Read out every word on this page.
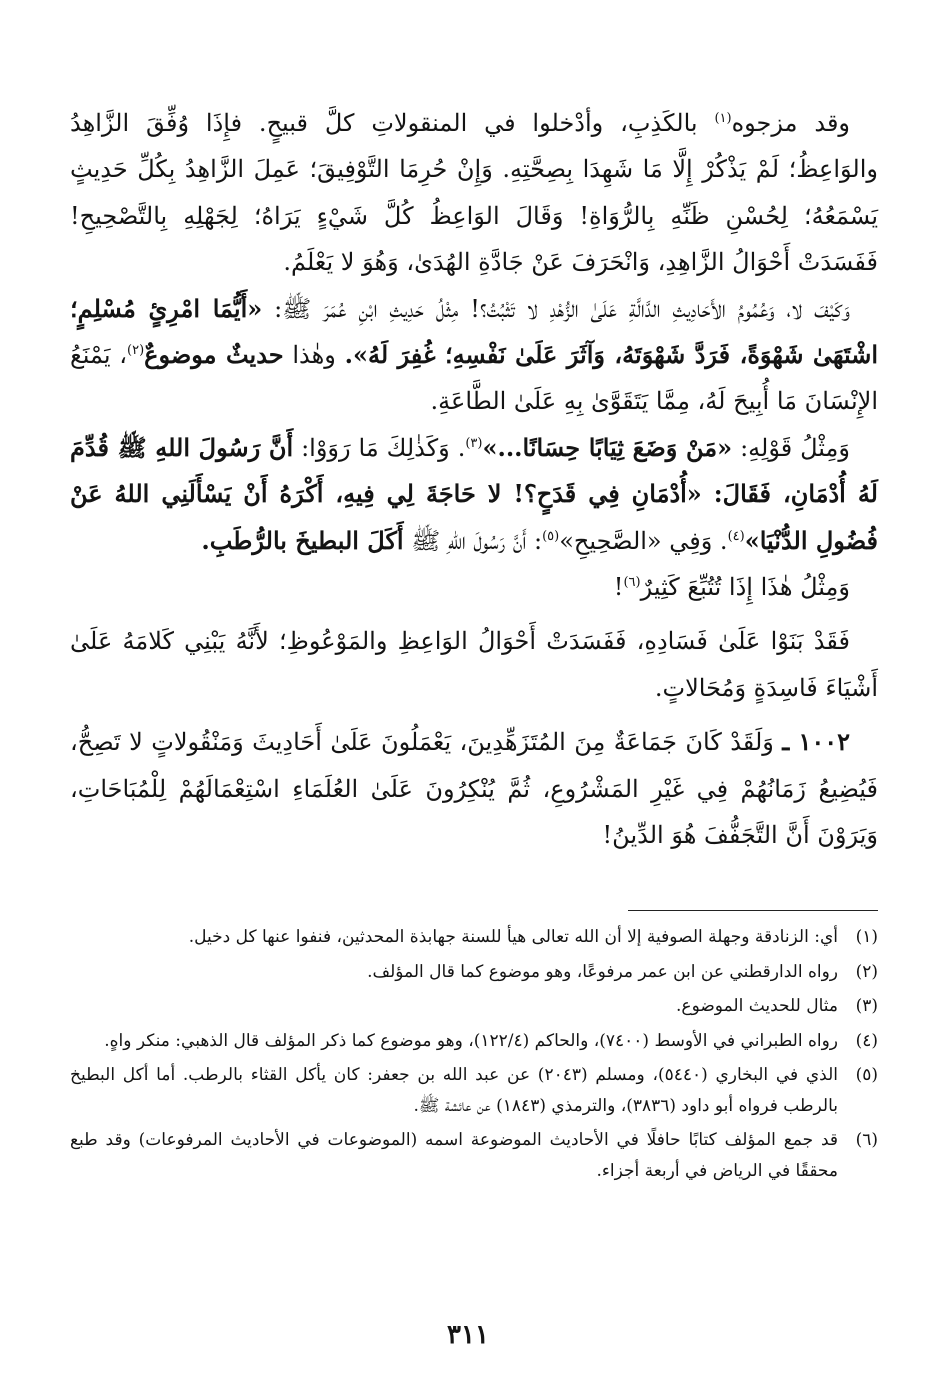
وقد مزجوه$^{(١)}$ بالكَذِبِ، وأدْخلوا في المنقولاتِ كلَّ قبيحٍ. فإِذَا وُفِّقَ الزَّاهِدُ والوَاعِظُ؛ لَمْ يَذْكُرْ إِلَّا مَا شَهِدَا بِصِحَّتِهِ. وَإِنْ حُرِمَا التَّوْفِيقَ؛ عَمِلَ الزَّاهِدُ بِكُلِّ حَدِيثٍ يَسْمَعُهُ؛ لِحُسْنِ ظَنِّهِ بِالرُّوَاةِ! وَقَالَ الوَاعِظُ كُلَّ شَيْءٍ يَرَاهُ؛ لِجَهْلِهِ بِالتَّصْحِيحِ! فَفَسَدَتْ أَحْوَالُ الزَّاهِدِ، وَانْحَرَفَ عَنْ جَادَّةِ الهُدَىٰ، وَهُوَ لا يَعْلَمُ.

وَكَيْفَ لا، وَعُمُومُ الأَحَادِيثِ الدَّالَّةِ عَلَىٰ الزُّهْدِ لا تَثْبُتُ؟! مِثْلُ حَدِيثِ ابْنِ عُمَرَ ﷺ: «أَيُّمَا امْرِئٍ مُسْلِمٍ؛ اشْتَهَىٰ شَهْوَةً، فَرَدَّ شَهْوَتَهُ، وَآثَرَ عَلَىٰ نَفْسِهِ؛ غُفِرَ لَهُ». وهٰذا حديثٌ موضوعٌ$^{(٢)}$، يَمْنَعُ الإِنْسَانَ مَا أُبِيحَ لَهُ، مِمَّا يَتَقَوَّىٰ بِهِ عَلَىٰ الطَّاعَةِ.

وَمِثْلُ قَوْلِهِ: «مَنْ وَضَعَ ثِيَابًا حِسَانًا...»$^{(٣)}$. وَكَذٰلِكَ مَا رَوَوْا: أَنَّ رَسُولَ اللهِ ﷺ قُدِّمَ لَهُ أُدْمَانِ، فَقَالَ: «أُدْمَانِ فِي قَدَحٍ؟! لا حَاجَةَ لِي فِيهِ، أَكْرَهُ أَنْ يَسْأَلَنِي اللهُ عَنْ فُضُولِ الدُّنْيَا»$^{(٤)}$. وَفِي «الصَّحِيحِ»$^{(٥)}$: أَنَّ رَسُولَ اللهِ ﷺ أَكَلَ البطيخَ بالرُّطَبِ.

وَمِثْلُ هٰذَا إِذَا تُتُبِّعَ كَثِيرٌ$^{(٦)}$!

فَقَدْ بَنَوْا عَلَىٰ فَسَادِهِ، فَفَسَدَتْ أَحْوَالُ الوَاعِظِ والمَوْعُوظِ؛ لأَنَّهُ يَبْنِي كَلامَهُ عَلَىٰ أَشْيَاءَ فَاسِدَةٍ وَمُحَالاتٍ.

١٠٠٢ ـ وَلَقَدْ كَانَ جَمَاعَةٌ مِنَ المُتَزَهِّدِينَ، يَعْمَلُونَ عَلَىٰ أَحَادِيثَ وَمَنْقُولاتٍ لا تَصِحُّ، فَيُضِيعُ زَمَانُهُمْ فِي غَيْرِ المَشْرُوعِ، ثُمَّ يُنْكِرُونَ عَلَىٰ العُلَمَاءِ اسْتِعْمَالَهُمْ لِلْمُبَاحَاتِ، وَيَرَوْنَ أَنَّ التَّجَفُّفَ هُوَ الدِّينُ!

(١)
أي: الزنادقة وجهلة الصوفية إلا أن الله تعالى هيأ للسنة جهابذة المحدثين، فنفوا عنها كل دخيل.
(٢)
رواه الدارقطني عن ابن عمر مرفوعًا، وهو موضوع كما قال المؤلف.
(٣)
مثال للحديث الموضوع.
(٤)
رواه الطبراني في الأوسط (٧٤٠٠)، والحاكم (١٢٢/٤)، وهو موضوع كما ذكر المؤلف قال الذهبي: منكر واهٍ.
(٥)
الذي في البخاري (٥٤٤٠)، ومسلم (٢٠٤٣) عن عبد الله بن جعفر: كان يأكل القثاء بالرطب. أما أكل البطيخ بالرطب فرواه أبو داود (٣٨٣٦)، والترمذي (١٨٤٣) عن عائشة ﷺ.
(٦)
قد جمع المؤلف كتابًا حافلًا في الأحاديث الموضوعة اسمه (الموضوعات في الأحاديث المرفوعات) وقد طبع محققًا في الرياض في أربعة أجزاء.
٣١١
